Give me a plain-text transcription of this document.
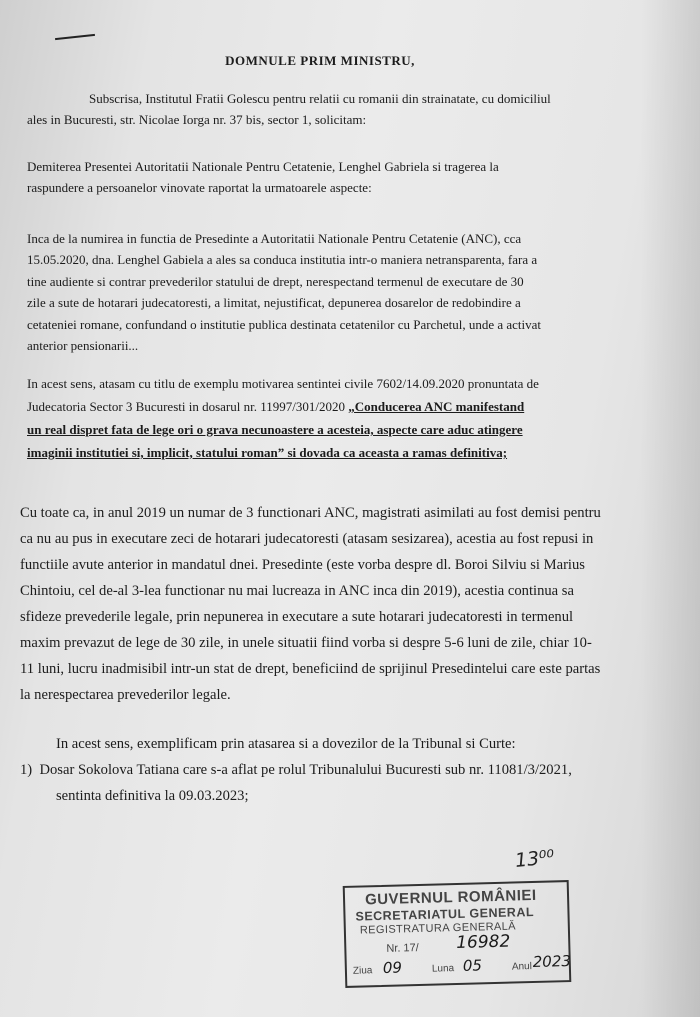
DOMNULE PRIM MINISTRU,
Subscrisa, Institutul Fratii Golescu pentru relatii cu romanii din strainatate, cu domiciliul
ales in Bucuresti, str. Nicolae Iorga nr. 37 bis, sector 1, solicitam:
Demiterea Presentei Autoritatii Nationale Pentru Cetatenie, Lenghel Gabriela si tragerea la
raspundere a persoanelor vinovate raportat la urmatoarele aspecte:
Inca de la numirea in functia de Presedinte a Autoritatii Nationale Pentru Cetatenie (ANC), cca
15.05.2020, dna. Lenghel Gabiela a ales sa conduca institutia intr-o maniera netransparenta, fara a
tine audiente si contrar prevederilor statului de drept, nerespectand termenul de executare de 30
zile a sute de hotarari judecatoresti, a limitat, nejustificat, depunerea dosarelor de redobindire a
cetateniei romane, confundand o institutie publica destinata cetatenilor cu Parchetul, unde a activat
anterior pensionarii...
In acest sens, atasam cu titlu de exemplu motivarea sentintei civile 7602/14.09.2020 pronuntata de
Judecatoria Sector 3 Bucuresti in dosarul nr. 11997/301/2020 „Conducerea ANC manifestand
un real dispret fata de lege ori o grava necunoastere a acesteia, aspecte care aduc atingere
imaginii institutiei si, implicit, statului roman” si dovada ca aceasta a ramas definitiva;
Cu toate ca, in anul 2019 un numar de 3 functionari ANC, magistrati asimilati au fost demisi pentru
ca nu au pus in executare zeci de hotarari judecatoresti (atasam sesizarea), acestia au fost repusi in
functiile avute anterior in mandatul dnei. Presedinte (este vorba despre dl. Boroi Silviu si Marius
Chintoiu, cel de-al 3-lea functionar nu mai lucreaza in ANC inca din 2019), acestia continua sa
sfideze prevederile legale, prin nepunerea in executare a sute hotarari judecatoresti in termenul
maxim prevazut de lege de 30 zile, in unele situatii fiind vorba si despre 5-6 luni de zile, chiar 10-
11 luni, lucru inadmisibil intr-un stat de drept, beneficiind de sprijinul Presedintelui care este partas
la nerespectarea prevederilor legale.
In acest sens, exemplificam prin atasarea si a dovezilor de la Tribunal si Curte:
1) Dosar Sokolova Tatiana care s-a aflat pe rolul Tribunalului Bucuresti sub nr. 11081/3/2021,
sentinta definitiva la 09.03.2023;
13⁰⁰
GUVERNUL ROMÂNIEI
SECRETARIATUL GENERAL
REGISTRATURA GENERALĂ
Nr. 17/ 16982
Ziua 09	Luna 05	Anul 2023
